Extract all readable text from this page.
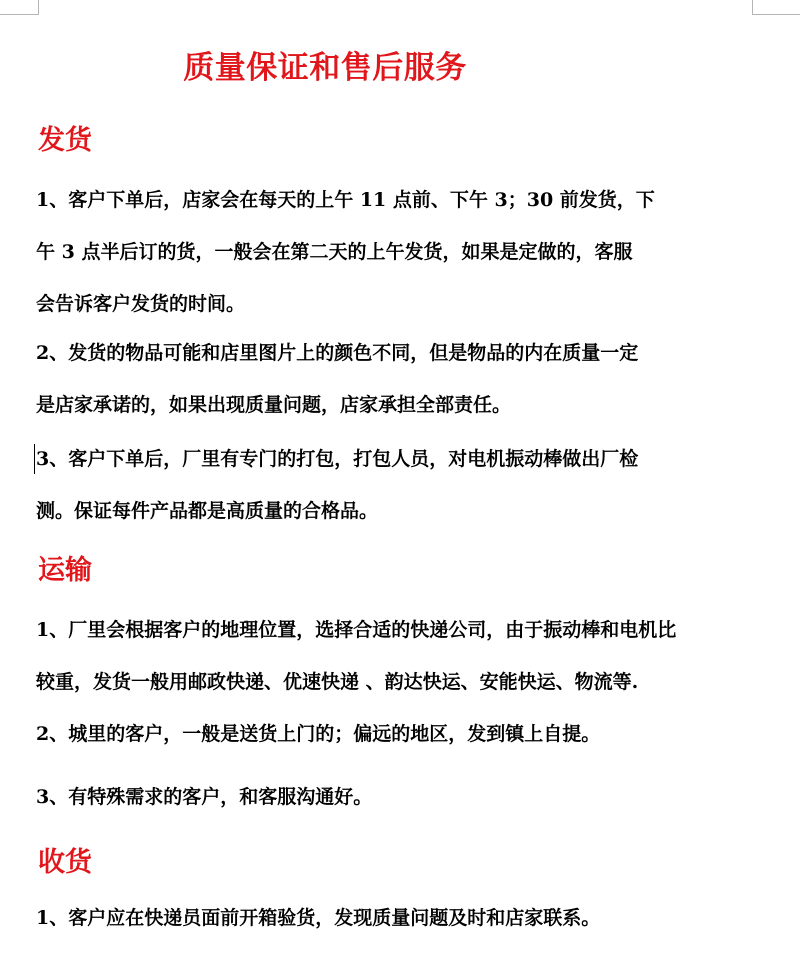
质量保证和售后服务
发货
1、客户下单后，店家会在每天的上午 11 点前、下午 3；30 前发货，下
午 3 点半后订的货，一般会在第二天的上午发货，如果是定做的，客服
会告诉客户发货的时间。
2、发货的物品可能和店里图片上的颜色不同，但是物品的内在质量一定
是店家承诺的，如果出现质量问题，店家承担全部责任。
3、客户下单后，厂里有专门的打包，打包人员，对电机振动棒做出厂检
测。保证每件产品都是高质量的合格品。
运输
1、厂里会根据客户的地理位置，选择合适的快递公司，由于振动棒和电机比
较重，发货一般用邮政快递、优速快递 、韵达快运、安能快运、物流等.
2、城里的客户，一般是送货上门的；偏远的地区，发到镇上自提。
3、有特殊需求的客户，和客服沟通好。
收货
1、客户应在快递员面前开箱验货，发现质量问题及时和店家联系。
